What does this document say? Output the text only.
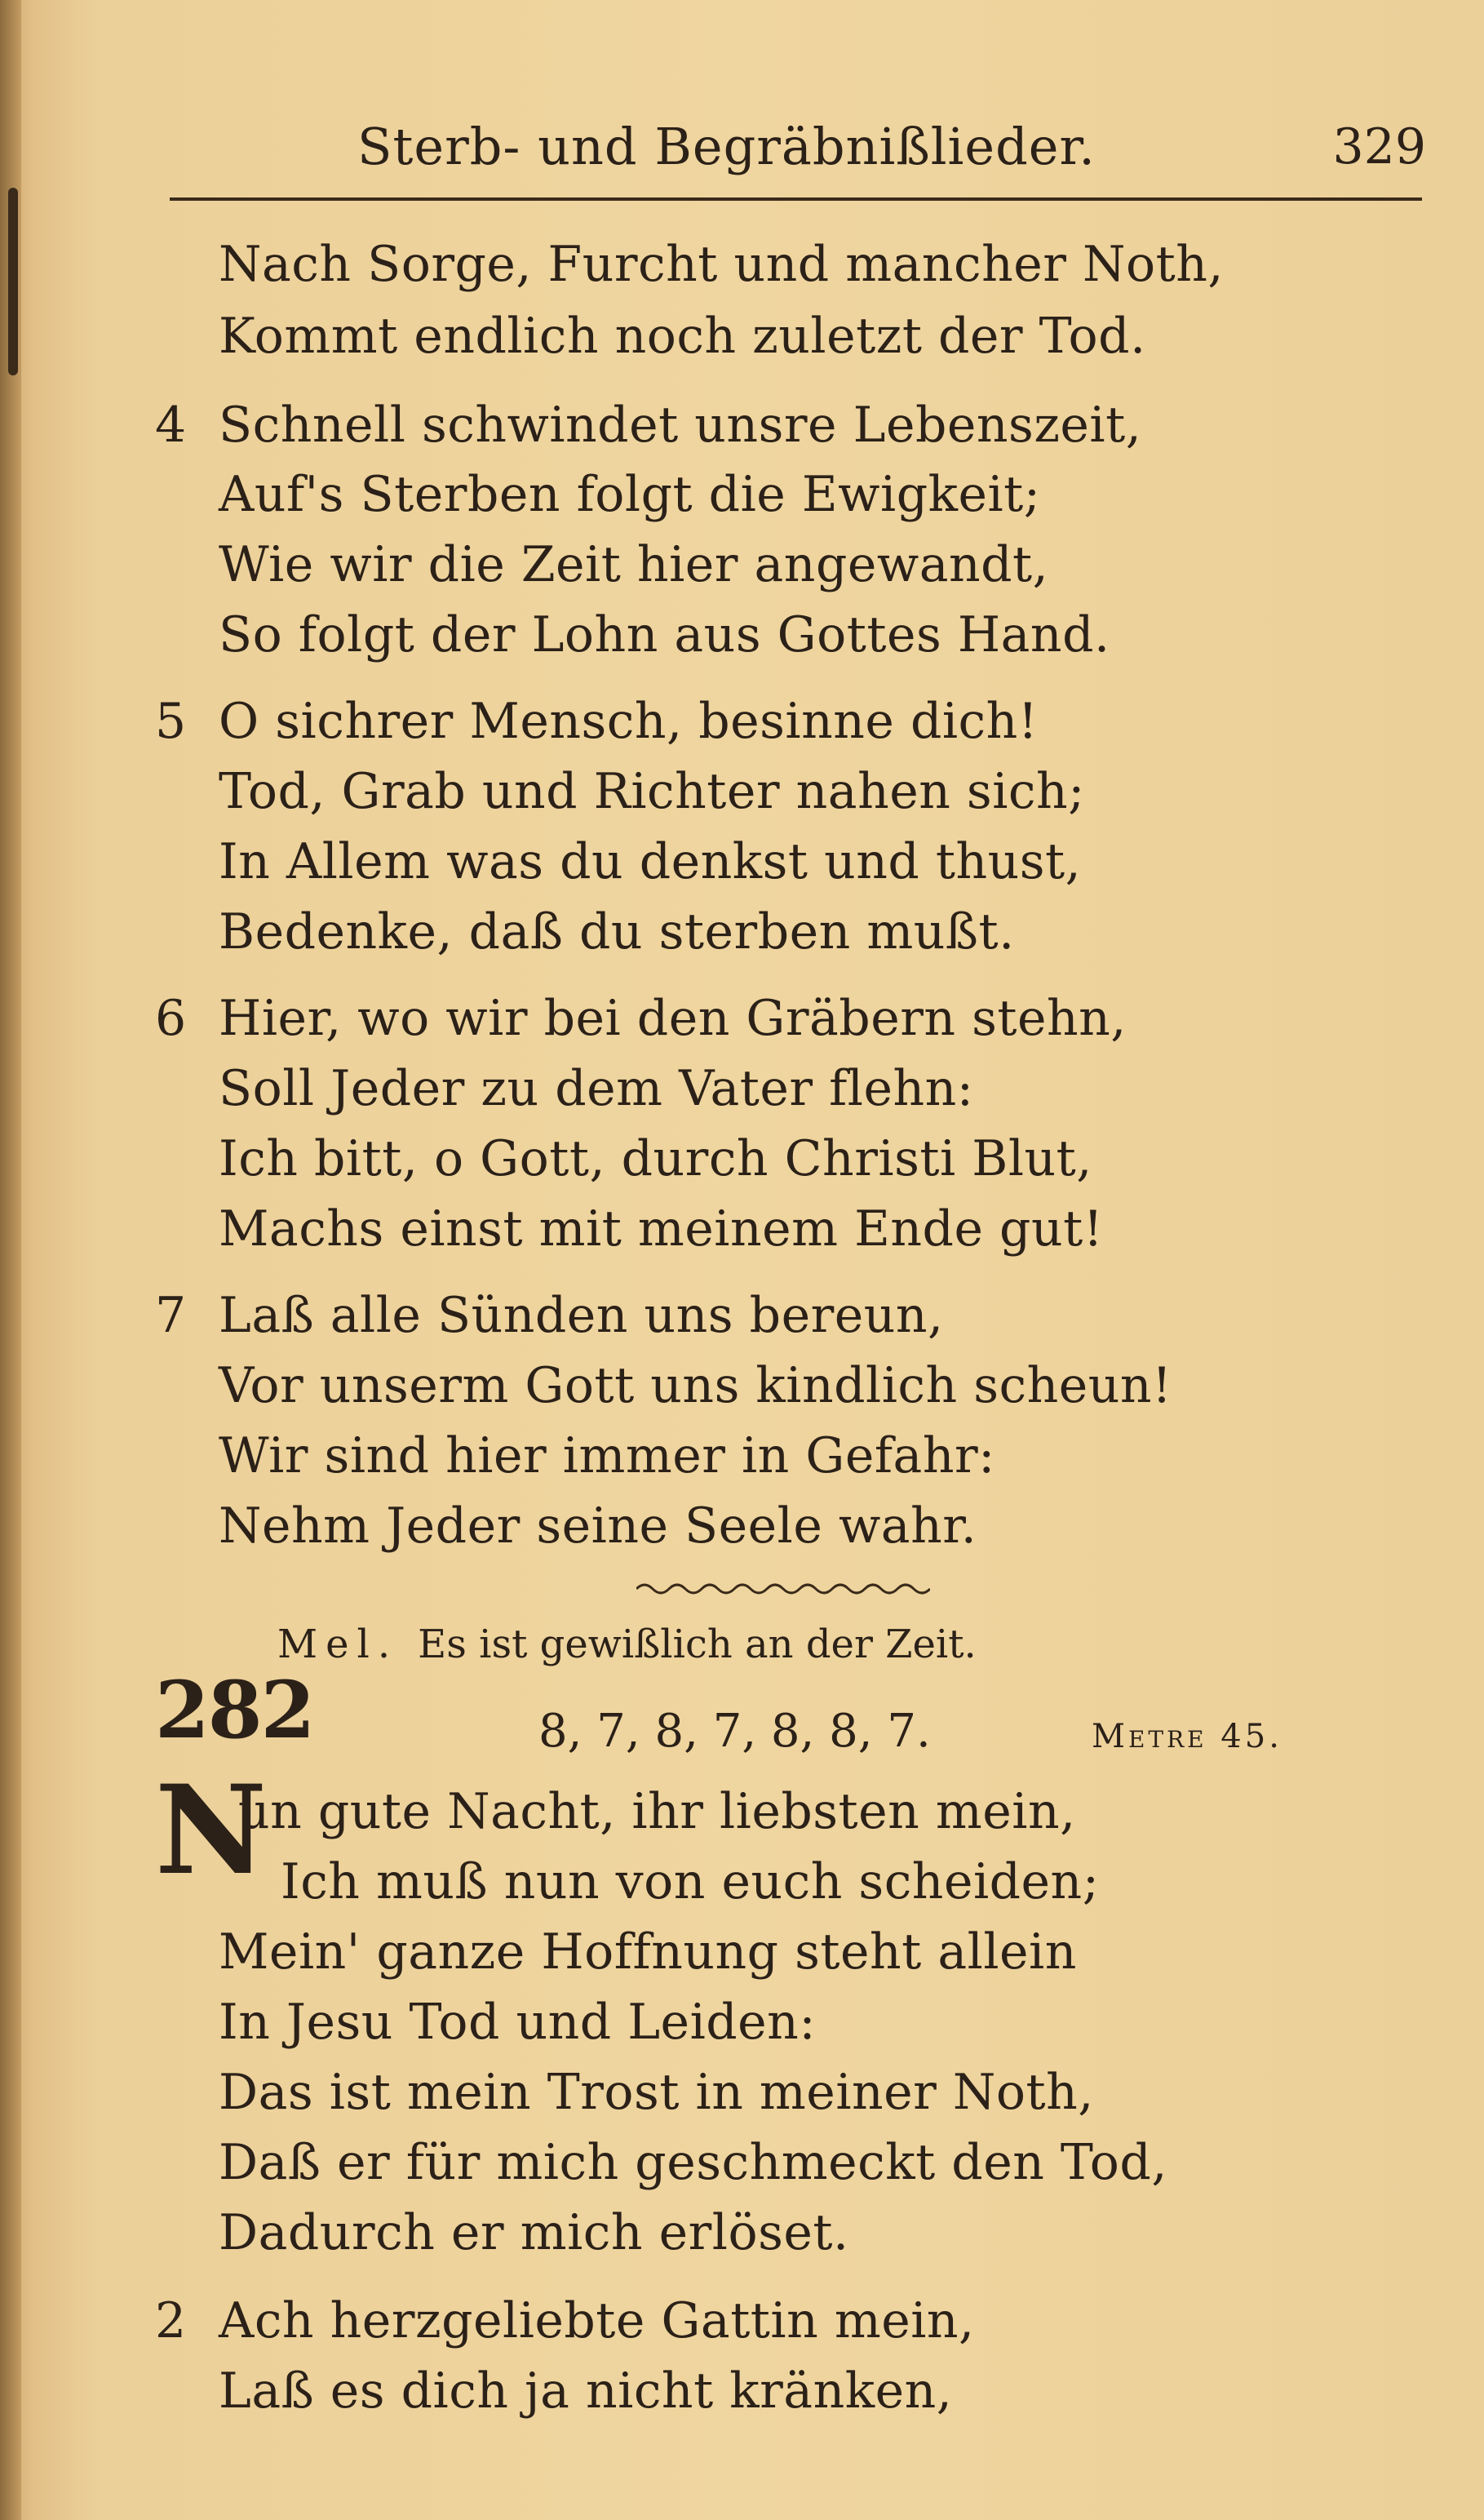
Sterb- und Begräbnißlieder.	329
Nach Sorge, Furcht und mancher Noth,
Kommt endlich noch zuletzt der Tod.
4 Schnell schwindet unsre Lebenszeit,
Auf's Sterben folgt die Ewigkeit;
Wie wir die Zeit hier angewandt,
So folgt der Lohn aus Gottes Hand.
5 O sichrer Mensch, besinne dich!
Tod, Grab und Richter nahen sich;
In Allem was du denkst und thust,
Bedenke, daß du sterben mußt.
6 Hier, wo wir bei den Gräbern stehn,
Soll Jeder zu dem Vater flehn:
Ich bitt, o Gott, durch Christi Blut,
Machs einst mit meinem Ende gut!
7 Laß alle Sünden uns bereun,
Vor unserm Gott uns kindlich scheun!
Wir sind hier immer in Gefahr:
Nehm Jeder seine Seele wahr.
Mel. Es ist gewißlich an der Zeit.
282	8, 7, 8, 7, 8, 8, 7.	Metre 45.
N
un gute Nacht, ihr liebsten mein,
Ich muß nun von euch scheiden;
Mein' ganze Hoffnung steht allein
In Jesu Tod und Leiden:
Das ist mein Trost in meiner Noth,
Daß er für mich geschmeckt den Tod,
Dadurch er mich erlöset.
2 Ach herzgeliebte Gattin mein,
Laß es dich ja nicht kränken,
